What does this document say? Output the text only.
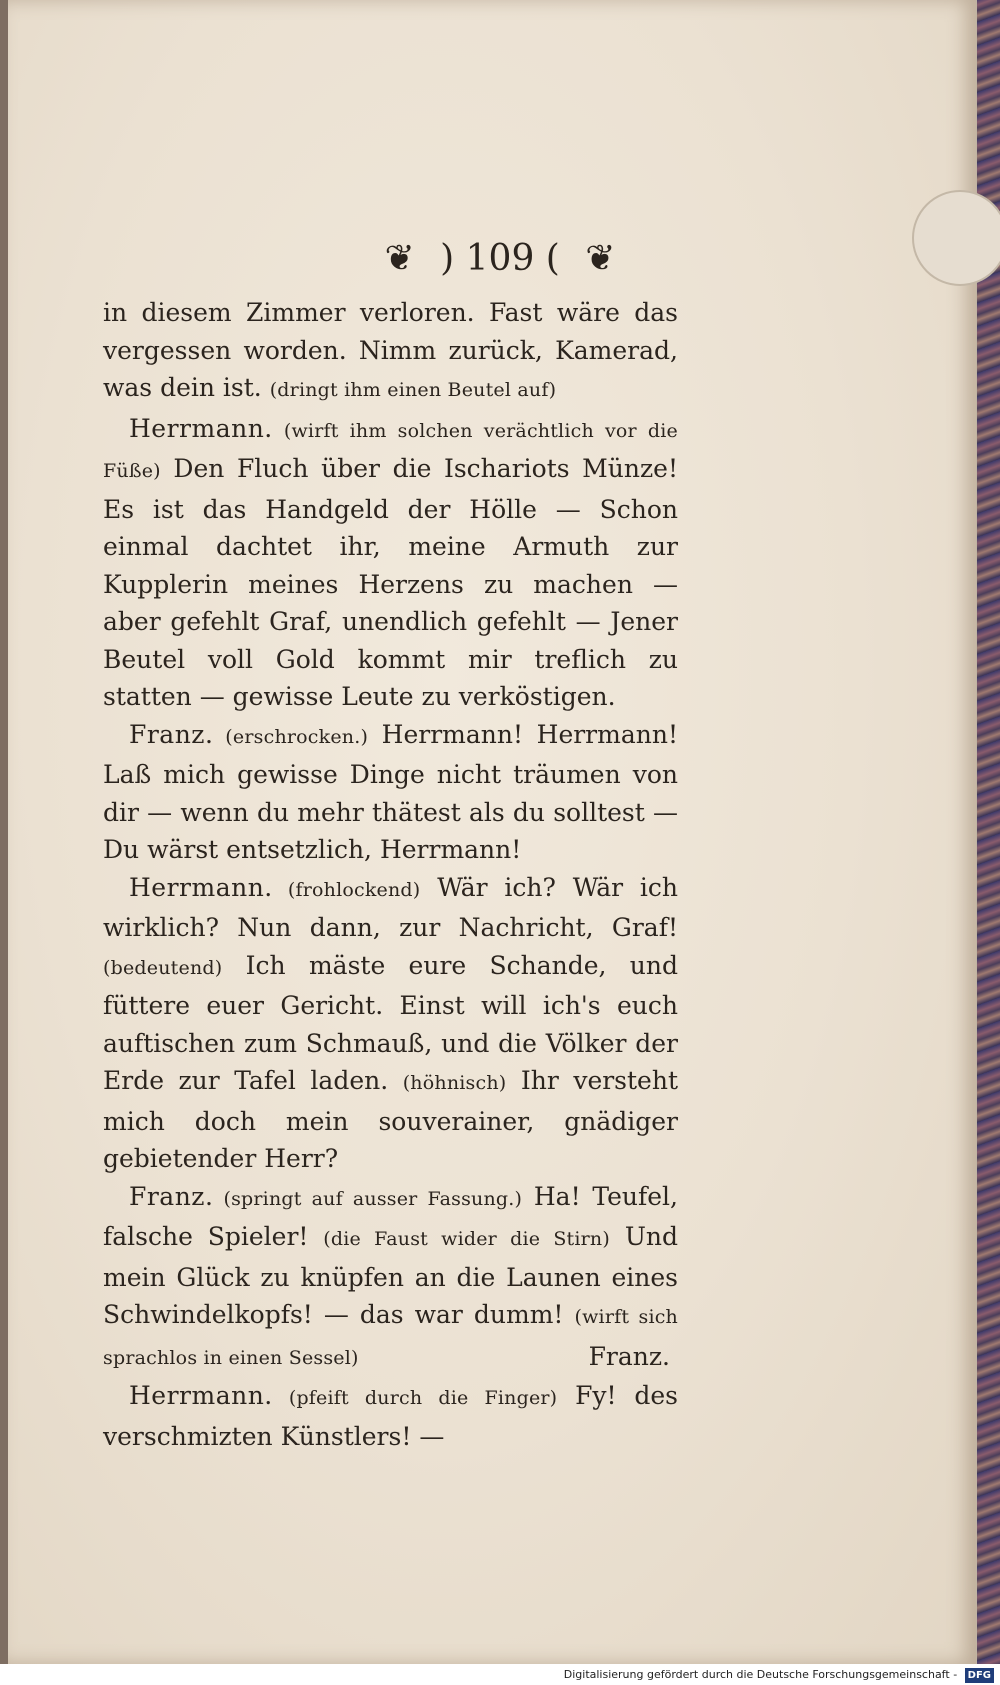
❦ ) 109 ( ❦

in diesem Zimmer verloren. Fast wäre das vergessen worden. Nimm zurück, Kamerad, was dein ist. (dringt ihm einen Beutel auf)

Herrmann. (wirft ihm solchen verächtlich vor die Füße) Den Fluch über die Ischariots Münze! Es ist das Handgeld der Hölle — Schon einmal dachtet ihr, meine Armuth zur Kupplerin meines Herzens zu machen — aber gefehlt Graf, unendlich gefehlt — Jener Beutel voll Gold kommt mir treflich zu statten — gewisse Leute zu verköstigen.

Franz. (erschrocken.) Herrmann! Herrmann! Laß mich gewisse Dinge nicht träumen von dir — wenn du mehr thätest als du solltest — Du wärst entsetzlich, Herrmann!

Herrmann. (frohlockend) Wär ich? Wär ich wirklich? Nun dann, zur Nachricht, Graf! (bedeutend) Ich mäste eure Schande, und füttere euer Gericht. Einst will ich's euch auftischen zum Schmauß, und die Völker der Erde zur Tafel laden. (höhnisch) Ihr versteht mich doch mein souverainer, gnädiger gebietender Herr?

Franz. (springt auf ausser Fassung.) Ha! Teufel, falsche Spieler! (die Faust wider die Stirn) Und mein Glück zu knüpfen an die Launen eines Schwindelkopfs! — das war dumm! (wirft sich sprachlos in einen Sessel)

Herrmann. (pfeift durch die Finger) Fy! des verschmizten Künstlers! —

Franz.
Digitalisierung gefördert durch die Deutsche Forschungsgemeinschaft - DFG
